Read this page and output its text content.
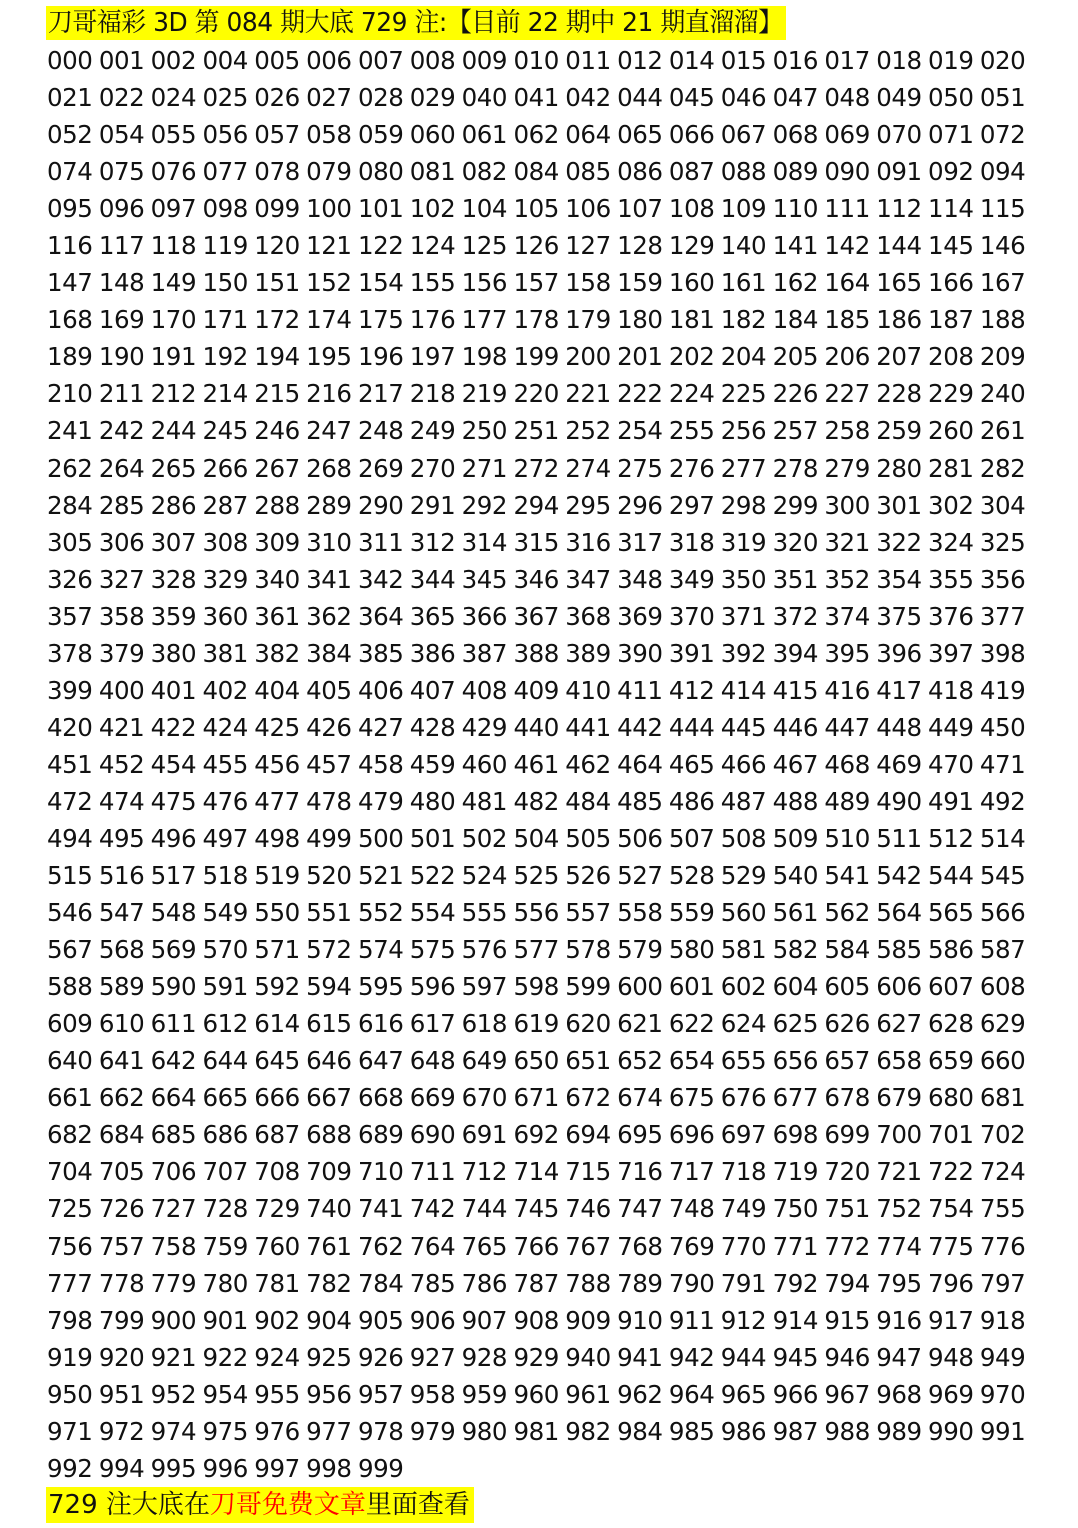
刀哥福彩 3D 第 084 期大底 729 注:【目前 22 期中 21 期直溜溜】
000 001 002 004 005 006 007 008 009 010 011 012 014 015 016 017 018 019 020
021 022 024 025 026 027 028 029 040 041 042 044 045 046 047 048 049 050 051
052 054 055 056 057 058 059 060 061 062 064 065 066 067 068 069 070 071 072
074 075 076 077 078 079 080 081 082 084 085 086 087 088 089 090 091 092 094
095 096 097 098 099 100 101 102 104 105 106 107 108 109 110 111 112 114 115
116 117 118 119 120 121 122 124 125 126 127 128 129 140 141 142 144 145 146
147 148 149 150 151 152 154 155 156 157 158 159 160 161 162 164 165 166 167
168 169 170 171 172 174 175 176 177 178 179 180 181 182 184 185 186 187 188
189 190 191 192 194 195 196 197 198 199 200 201 202 204 205 206 207 208 209
210 211 212 214 215 216 217 218 219 220 221 222 224 225 226 227 228 229 240
241 242 244 245 246 247 248 249 250 251 252 254 255 256 257 258 259 260 261
262 264 265 266 267 268 269 270 271 272 274 275 276 277 278 279 280 281 282
284 285 286 287 288 289 290 291 292 294 295 296 297 298 299 300 301 302 304
305 306 307 308 309 310 311 312 314 315 316 317 318 319 320 321 322 324 325
326 327 328 329 340 341 342 344 345 346 347 348 349 350 351 352 354 355 356
357 358 359 360 361 362 364 365 366 367 368 369 370 371 372 374 375 376 377
378 379 380 381 382 384 385 386 387 388 389 390 391 392 394 395 396 397 398
399 400 401 402 404 405 406 407 408 409 410 411 412 414 415 416 417 418 419
420 421 422 424 425 426 427 428 429 440 441 442 444 445 446 447 448 449 450
451 452 454 455 456 457 458 459 460 461 462 464 465 466 467 468 469 470 471
472 474 475 476 477 478 479 480 481 482 484 485 486 487 488 489 490 491 492
494 495 496 497 498 499 500 501 502 504 505 506 507 508 509 510 511 512 514
515 516 517 518 519 520 521 522 524 525 526 527 528 529 540 541 542 544 545
546 547 548 549 550 551 552 554 555 556 557 558 559 560 561 562 564 565 566
567 568 569 570 571 572 574 575 576 577 578 579 580 581 582 584 585 586 587
588 589 590 591 592 594 595 596 597 598 599 600 601 602 604 605 606 607 608
609 610 611 612 614 615 616 617 618 619 620 621 622 624 625 626 627 628 629
640 641 642 644 645 646 647 648 649 650 651 652 654 655 656 657 658 659 660
661 662 664 665 666 667 668 669 670 671 672 674 675 676 677 678 679 680 681
682 684 685 686 687 688 689 690 691 692 694 695 696 697 698 699 700 701 702
704 705 706 707 708 709 710 711 712 714 715 716 717 718 719 720 721 722 724
725 726 727 728 729 740 741 742 744 745 746 747 748 749 750 751 752 754 755
756 757 758 759 760 761 762 764 765 766 767 768 769 770 771 772 774 775 776
777 778 779 780 781 782 784 785 786 787 788 789 790 791 792 794 795 796 797
798 799 900 901 902 904 905 906 907 908 909 910 911 912 914 915 916 917 918
919 920 921 922 924 925 926 927 928 929 940 941 942 944 945 946 947 948 949
950 951 952 954 955 956 957 958 959 960 961 962 964 965 966 967 968 969 970
971 972 974 975 976 977 978 979 980 981 982 984 985 986 987 988 989 990 991
992 994 995 996 997 998 999
729 注大底在刀哥免费文章里面查看
